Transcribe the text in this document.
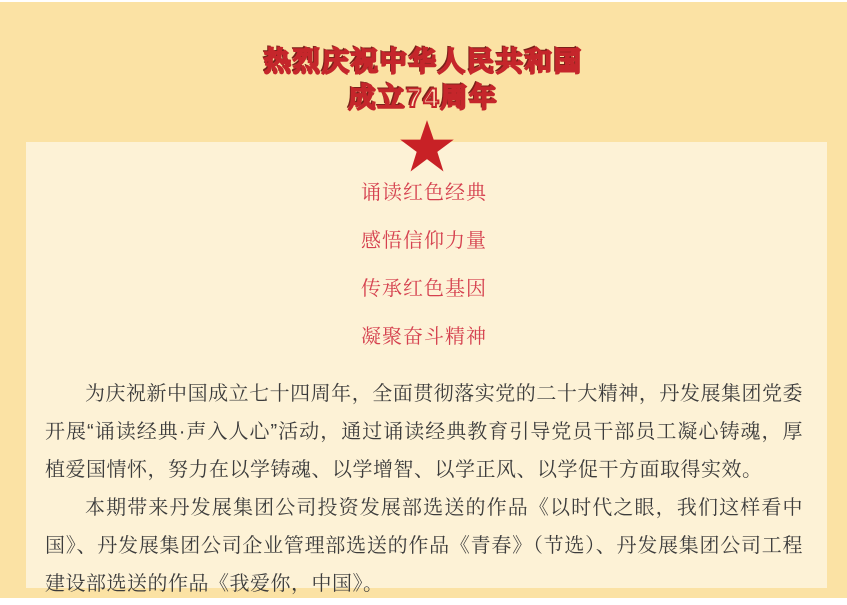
热烈庆祝中华人民共和国
成立74周年
诵读红色经典
感悟信仰力量
传承红色基因
凝聚奋斗精神

为庆祝新中国成立七十四周年，全面贯彻落实党的二十大精神，丹发展集团党委开展“诵读经典·声入人心”活动，通过诵读经典教育引导党员干部员工凝心铸魂，厚植爱国情怀，努力在以学铸魂、以学增智、以学正风、以学促干方面取得实效。

本期带来丹发展集团公司投资发展部选送的作品《以时代之眼，我们这样看中国》、丹发展集团公司企业管理部选送的作品《青春》（节选）、丹发展集团公司工程建设部选送的作品《我爱你，中国》。
